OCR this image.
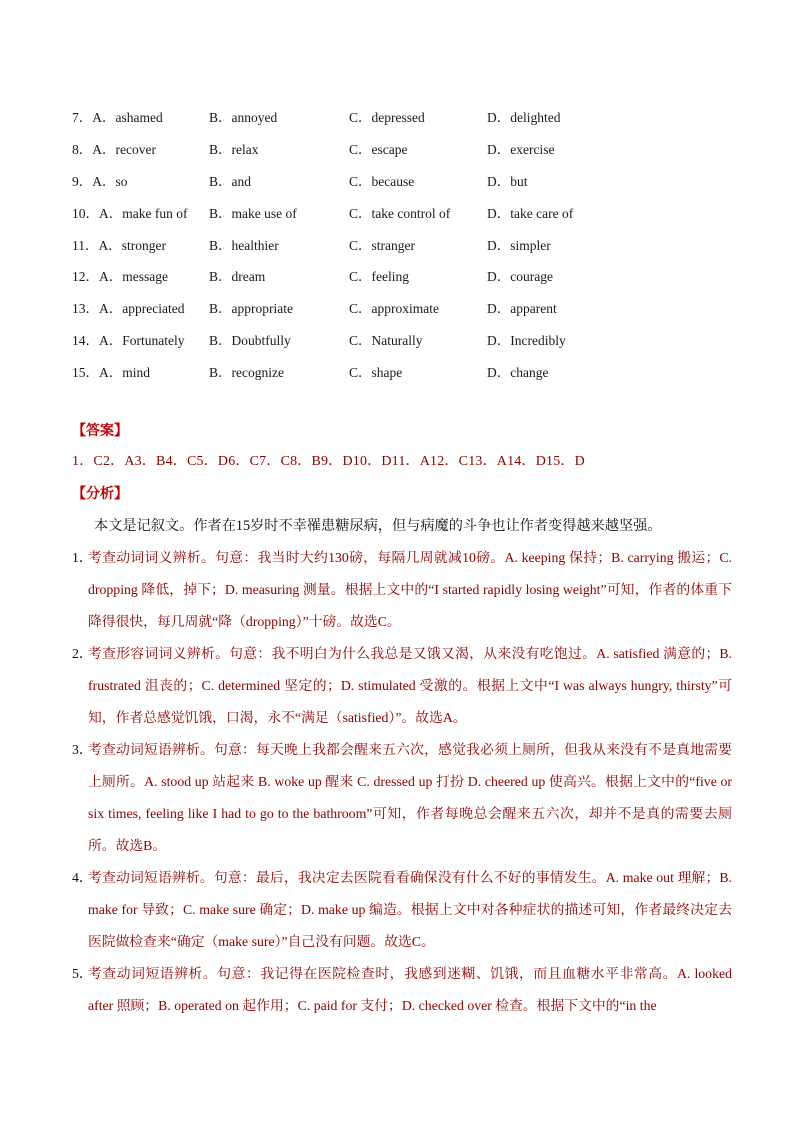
7．A．ashamed	B．annoyed	C．depressed	D．delighted
8．A．recover	B．relax	C．escape	D．exercise
9．A．so	B．and	C．because	D．but
10．A．make fun of	B．make use of	C．take control of	D．take care of
11．A．stronger	B．healthier	C．stranger	D．simpler
12．A．message	B．dream	C．feeling	D．courage
13．A．appreciated	B．appropriate	C．approximate	D．apparent
14．A．Fortunately	B．Doubtfully	C．Naturally	D．Incredibly
15．A．mind	B．recognize	C．shape	D．change
【答案】
1．C2．A3．B4．C5．D6．C7．C8．B9．D10．D11．A12．C13．A14．D15．D
【分析】
本文是记叙文。作者在15岁时不幸罹患糖尿病，但与病魔的斗争也让作者变得越来越坚强。
1．
考查动词词义辨析。句意：我当时大约130磅，每隔几周就减10磅。A. keeping 保持；B. carrying 搬运；C. dropping 降低，掉下；D. measuring 测量。根据上文中的“I started rapidly losing weight”可知，作者的体重下降得很快，每几周就“降（dropping）”十磅。故选C。
2．
考查形容词词义辨析。句意：我不明白为什么我总是又饿又渴，从来没有吃饱过。A. satisfied 满意的；B. frustrated 沮丧的；C. determined 坚定的；D. stimulated 受激的。根据上文中“I was always hungry, thirsty”可知，作者总感觉饥饿，口渴，永不“满足（satisfied）”。故选A。
3．
考查动词短语辨析。句意：每天晚上我都会醒来五六次，感觉我必须上厕所，但我从来没有不是真地需要上厕所。A. stood up 站起来 B. woke up 醒来 C. dressed up 打扮 D. cheered up 使高兴。根据上文中的“five or six times, feeling like I had to go to the bathroom”可知，作者每晚总会醒来五六次，却并不是真的需要去厕所。故选B。
4．
考查动词短语辨析。句意：最后，我决定去医院看看确保没有什么不好的事情发生。A. make out 理解；B. make for 导致；C. make sure 确定；D. make up 编造。根据上文中对各种症状的描述可知，作者最终决定去医院做检查来“确定（make sure）”自己没有问题。故选C。
5．
考查动词短语辨析。句意：我记得在医院检查时，我感到迷糊、饥饿，而且血糖水平非常高。A. looked after 照顾；B. operated on 起作用；C. paid for 支付；D. checked over 检查。根据下文中的“in the
